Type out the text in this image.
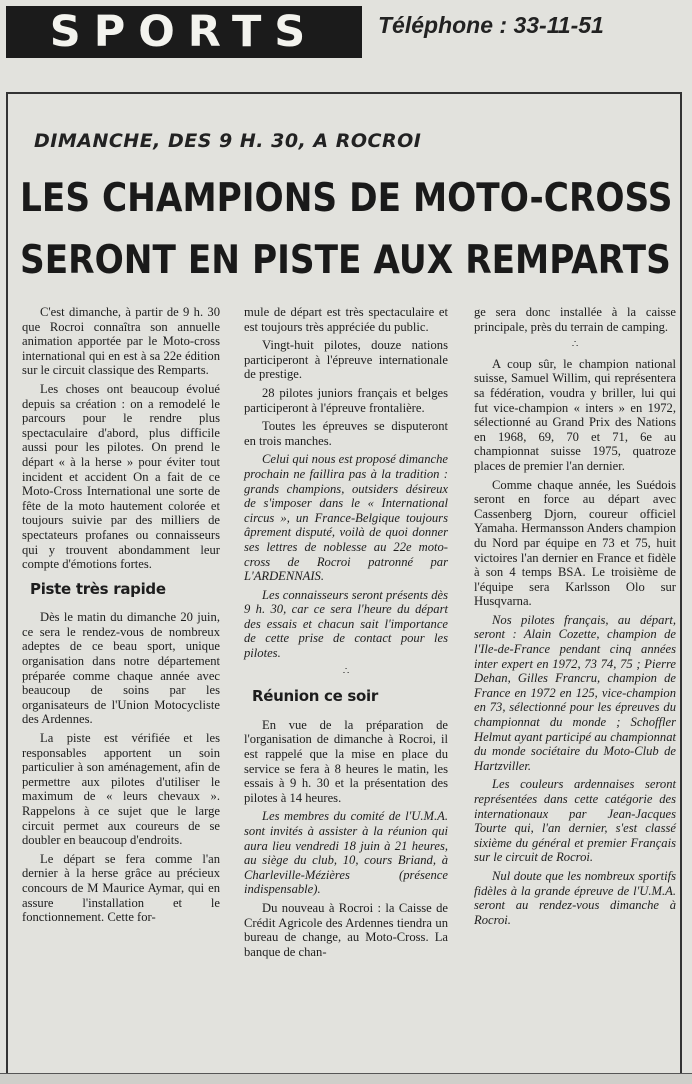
SPORTS	Téléphone : 33-11-51
DIMANCHE, DES 9 H. 30, A ROCROI
LES CHAMPIONS DE MOTO-CROSS
SERONT EN PISTE AUX REMPARTS

C'est dimanche, à partir de 9 h. 30 que Rocroi connaîtra son annuelle animation apportée par le Moto-cross international qui en est à sa 22e édition sur le circuit classique des Remparts.

Les choses ont beaucoup évolué depuis sa création : on a remodelé le parcours pour le rendre plus spectaculaire d'abord, plus difficile aussi pour les pilotes. On prend le départ « à la herse » pour éviter tout incident et accident On a fait de ce Moto-Cross International une sorte de fête de la moto hautement colorée et toujours suivie par des milliers de spectateurs profanes ou connaisseurs qui y trouvent abondamment leur compte d'émotions fortes.

Piste très rapide

Dès le matin du dimanche 20 juin, ce sera le rendez-vous de nombreux adeptes de ce beau sport, unique organisation dans notre département préparée comme chaque année avec beaucoup de soins par les organisateurs de l'Union Motocycliste des Ardennes.

La piste est vérifiée et les responsables apportent un soin particulier à son aménagement, afin de permettre aux pilotes d'utiliser le maximum de « leurs chevaux ». Rappelons à ce sujet que le large circuit permet aux coureurs de se doubler en beaucoup d'endroits.

Le départ se fera comme l'an dernier à la herse grâce au précieux concours de M Maurice Aymar, qui en assure l'installation et le fonctionnement. Cette for-

mule de départ est très spectaculaire et est toujours très appréciée du public.

Vingt-huit pilotes, douze nations participeront à l'épreuve internationale de prestige.

28 pilotes juniors français et belges participeront à l'épreuve frontalière.

Toutes les épreuves se disputeront en trois manches.

Celui qui nous est proposé dimanche prochain ne faillira pas à la tradition : grands champions, outsiders désireux de s'imposer dans le « International circus », un France-Belgique toujours âprement disputé, voilà de quoi donner ses lettres de noblesse au 22e moto-cross de Rocroi patronné par L'ARDENNAIS.

Les connaisseurs seront présents dès 9 h. 30, car ce sera l'heure du départ des essais et chacun sait l'importance de cette prise de contact pour les pilotes.

∴
Réunion ce soir

En vue de la préparation de l'organisation de dimanche à Rocroi, il est rappelé que la mise en place du service se fera à 8 heures le matin, les essais à 9 h. 30 et la présentation des pilotes à 14 heures.

Les membres du comité de l'U.M.A. sont invités à assister à la réunion qui aura lieu vendredi 18 juin à 21 heures, au siège du club, 10, cours Briand, à Charleville-Mézières (présence indispensable).

Du nouveau à Rocroi : la Caisse de Crédit Agricole des Ardennes tiendra un bureau de change, au Moto-Cross. La banque de chan-

ge sera donc installée à la caisse principale, près du terrain de camping.

∴

A coup sûr, le champion national suisse, Samuel Willim, qui représentera sa fédération, voudra y briller, lui qui fut vice-champion « inters » en 1972, sélectionné au Grand Prix des Nations en 1968, 69, 70 et 71, 6e au championnat suisse 1975, quatroze places de premier l'an dernier.

Comme chaque année, les Suédois seront en force au départ avec Cassenberg Djorn, coureur officiel Yamaha. Hermansson Anders champion du Nord par équipe en 73 et 75, huit victoires l'an dernier en France et fidèle à son 4 temps BSA. Le troisième de l'équipe sera Karlsson Olo sur Husqvarna.

Nos pilotes français, au départ, seront : Alain Cozette, champion de l'Ile-de-France pendant cinq années inter expert en 1972, 73 74, 75 ; Pierre Dehan, Gilles Francru, champion de France en 1972 en 125, vice-champion en 73, sélectionné pour les épreuves du championnat du monde ; Schoffler Helmut ayant participé au championnat du monde sociétaire du Moto-Club de Hartzviller.

Les couleurs ardennaises seront représentées dans cette catégorie des internationaux par Jean-Jacques Tourte qui, l'an dernier, s'est classé sixième du général et premier Français sur le circuit de Rocroi.

Nul doute que les nombreux sportifs fidèles à la grande épreuve de l'U.M.A. seront au rendez-vous dimanche à Rocroi.
